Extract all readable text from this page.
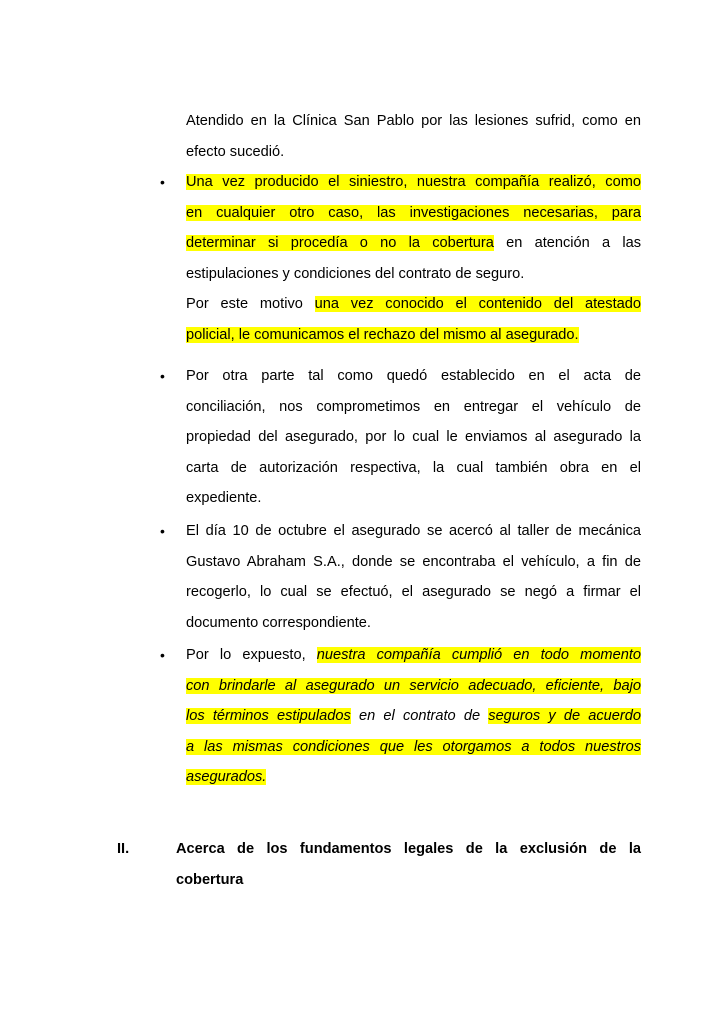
Atendido en la Clínica San Pablo por las lesiones sufrid, como en
efecto sucedió.
• Una vez producido el siniestro, nuestra compañía realizó, como
en cualquier otro caso, las investigaciones necesarias, para
determinar si procedía o no la cobertura en atención a las
estipulaciones y condiciones del contrato de seguro.
Por este motivo una vez conocido el contenido del atestado
policial, le comunicamos el rechazo del mismo al asegurado.
• Por otra parte tal como quedó establecido en el acta de
conciliación, nos comprometimos en entregar el vehículo de
propiedad del asegurado, por lo cual le enviamos al asegurado la
carta de autorización respectiva, la cual también obra en el
expediente.
• El día 10 de octubre el asegurado se acercó al taller de mecánica
Gustavo Abraham S.A., donde se encontraba el vehículo, a fin de
recogerlo, lo cual se efectuó, el asegurado se negó a firmar el
documento correspondiente.
• Por lo expuesto, nuestra compañía cumplió en todo momento
con brindarle al asegurado un servicio adecuado, eficiente, bajo
los términos estipulados en el contrato de seguros y de acuerdo
a las mismas condiciones que les otorgamos a todos nuestros
asegurados.
II.	Acerca de los fundamentos legales de la exclusión de la
cobertura
